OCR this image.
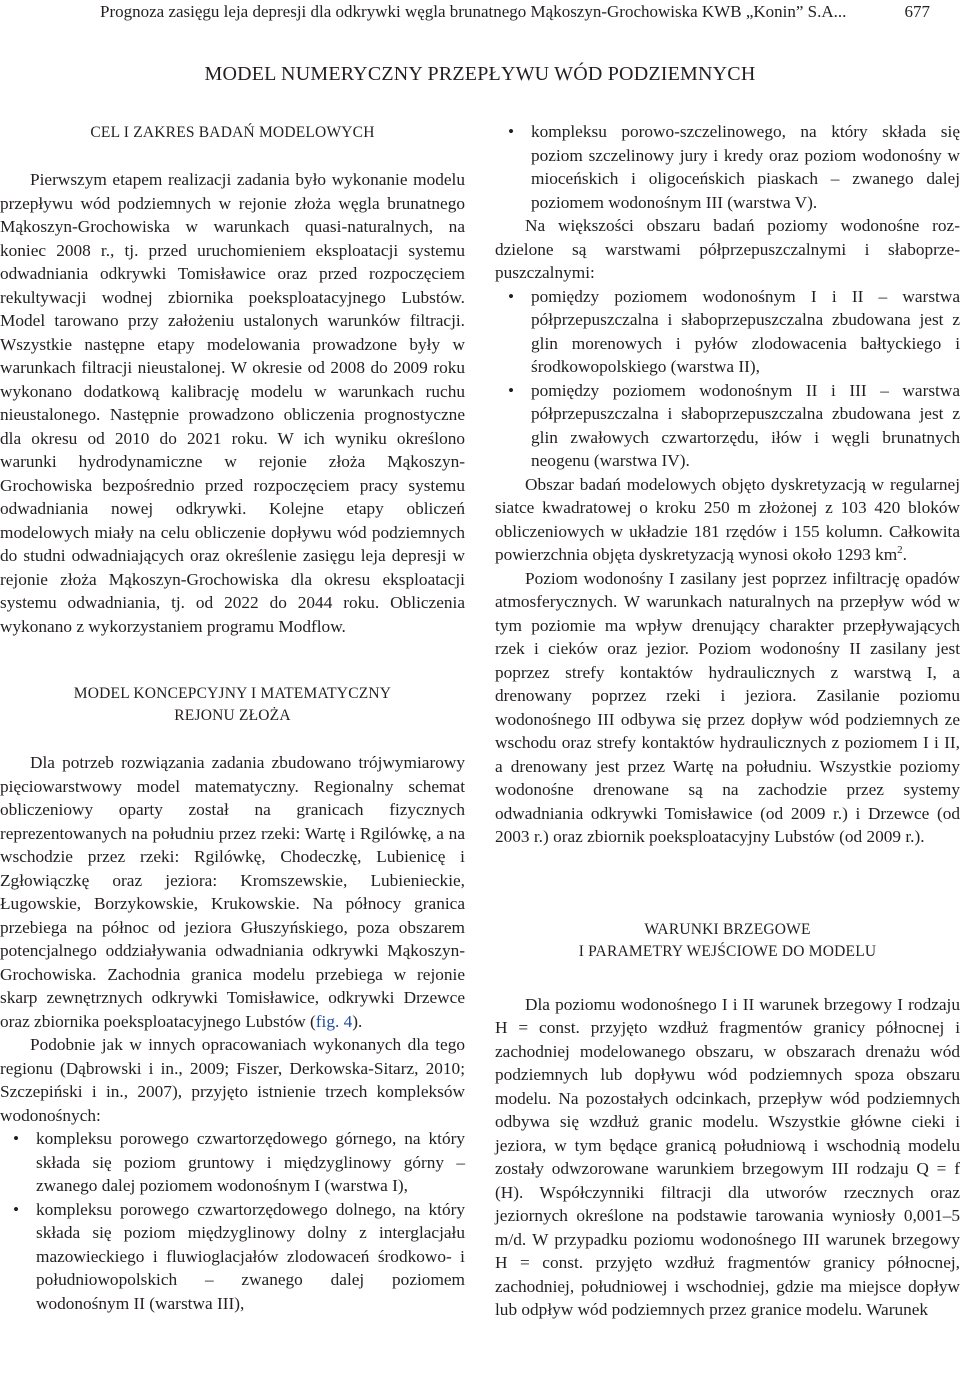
Prognoza zasięgu leja depresji dla odkrywki węgla brunatnego Mąkoszyn-Grochowiska KWB „Konin” S.A...	677
MODEL NUMERYCZNY PRZEPŁYWU WÓD PODZIEMNYCH

CEL I ZAKRES BADAŃ MODELOWYCH

Pierwszym etapem realizacji zadania było wykonanie modelu przepływu wód podziemnych w rejonie złoża węgla brunatnego Mąkoszyn-Grochowiska w warunkach quasi-naturalnych, na koniec 2008 r., tj. przed uruchomieniem eksploatacji systemu odwadniania odkrywki Tomisławice oraz przed rozpoczęciem rekultywacji wodnej zbiornika poeksploatacyjnego Lubstów. Model tarowano przy założeniu ustalonych warunków filtracji. Wszystkie następne etapy modelowania prowadzone były w warunkach filtracji nieustalonej. W okresie od 2008 do 2009 roku wykonano dodatkową kalibrację modelu w warunkach ruchu nieustalonego. Następnie prowadzono obliczenia prognostyczne dla okresu od 2010 do 2021 roku. W ich wyniku określono warunki hydrodynamiczne w rejonie złoża Mąkoszyn-Grochowiska bezpośrednio przed rozpoczęciem pracy systemu odwadniania nowej odkrywki. Kolejne etapy obliczeń modelowych miały na celu obliczenie dopływu wód podziemnych do studni odwadniających oraz określenie zasięgu leja depresji w rejonie złoża Mąkoszyn-Grochowiska dla okresu eksploatacji systemu odwadniania, tj. od 2022 do 2044 roku. Obliczenia wykonano z wykorzystaniem programu Modflow.

MODEL KONCEPCYJNY I MATEMATYCZNY

REJONU ZŁOŻA

Dla potrzeb rozwiązania zadania zbudowano trójwymiarowy pięciowarstwowy model matematyczny. Regionalny schemat obliczeniowy oparty został na granicach fizycznych reprezentowanych na południu przez rzeki: Wartę i Rgilówkę, a na wschodzie przez rzeki: Rgilówkę, Chodeczkę, Lubienicę i Zgłowiączkę oraz jeziora: Kromszewskie, Lubienieckie, Ługowskie, Borzykowskie, Krukowskie. Na północy granica przebiega na północ od jeziora Głuszyńskiego, poza obszarem potencjalnego oddziaływania odwadniania odkrywki Mąkoszyn-Grochowiska. Zachodnia granica modelu przebiega w rejonie skarp zewnętrznych odkrywki Tomisławice, odkrywki Drzewce oraz zbiornika poeksploatacyjnego Lubstów (fig. 4).

Podobnie jak w innych opracowaniach wykonanych dla tego regionu (Dąbrowski i in., 2009; Fiszer, Derkowska-Sitarz, 2010; Szczepiński i in., 2007), przyjęto istnienie trzech kompleksów wodonośnych:

• kompleksu porowego czwartorzędowego górnego, na który składa się poziom gruntowy i międzyglinowy górny – zwanego dalej poziomem wodonośnym I (warstwa I),
• kompleksu porowego czwartorzędowego dolnego, na który składa się poziom międzyglinowy dolny z interglacjału mazowieckiego i fluwioglacjałów zlodowaceń środkowo- i południowopolskich – zwanego dalej poziomem wodonośnym II (warstwa III),
• kompleksu porowo-szczelinowego, na który składa się poziom szczelinowy jury i kredy oraz poziom wodonośny w mioceńskich i oligoceńskich piaskach – zwanego dalej poziomem wodonośnym III (warstwa V).

Na większości obszaru badań poziomy wodonośne rozdzielone są warstwami półprzepuszczalnymi i słaboprzepuszczalnymi:

• pomiędzy poziomem wodonośnym I i II – warstwa półprzepuszczalna i słaboprzepuszczalna zbudowana jest z glin morenowych i pyłów zlodowacenia bałtyckiego i środkowopolskiego (warstwa II),
• pomiędzy poziomem wodonośnym II i III – warstwa półprzepuszczalna i słaboprzepuszczalna zbudowana jest z glin zwałowych czwartorzędu, iłów i węgli brunatnych neogenu (warstwa IV).

Obszar badań modelowych objęto dyskretyzacją w regularnej siatce kwadratowej o kroku 250 m złożonej z 103 420 bloków obliczeniowych w układzie 181 rzędów i 155 kolumn. Całkowita powierzchnia objęta dyskretyzacją wynosi około 1293 $km^2$.

Poziom wodonośny I zasilany jest poprzez infiltrację opadów atmosferycznych. W warunkach naturalnych na przepływ wód w tym poziomie ma wpływ drenujący charakter przepływających rzek i cieków oraz jezior. Poziom wodonośny II zasilany jest poprzez strefy kontaktów hydraulicznych z warstwą I, a drenowany poprzez rzeki i jeziora. Zasilanie poziomu wodonośnego III odbywa się przez dopływ wód podziemnych ze wschodu oraz strefy kontaktów hydraulicznych z poziomem I i II, a drenowany jest przez Wartę na południu. Wszystkie poziomy wodonośne drenowane są na zachodzie przez systemy odwadniania odkrywki Tomisławice (od 2009 r.) i Drzewce (od 2003 r.) oraz zbiornik poeksploatacyjny Lubstów (od 2009 r.).

WARUNKI BRZEGOWE

I PARAMETRY WEJŚCIOWE DO MODELU

Dla poziomu wodonośnego I i II warunek brzegowy I rodzaju H = const. przyjęto wzdłuż fragmentów granicy północnej i zachodniej modelowanego obszaru, w obszarach drenażu wód podziemnych lub dopływu wód podziemnych spoza obszaru modelu. Na pozostałych odcinkach, przepływ wód podziemnych odbywa się wzdłuż granic modelu. Wszystkie główne cieki i jeziora, w tym będące granicą południową i wschodnią modelu zostały odwzorowane warunkiem brzegowym III rodzaju Q = f (H). Współczynniki filtracji dla utworów rzecznych oraz jeziornych określone na podstawie tarowania wyniosły 0,001–5 m/d. W przypadku poziomu wodonośnego III warunek brzegowy H = const. przyjęto wzdłuż fragmentów granicy północnej, zachodniej, południowej i wschodniej, gdzie ma miejsce dopływ lub odpływ wód podziemnych przez granice modelu. Warunek
